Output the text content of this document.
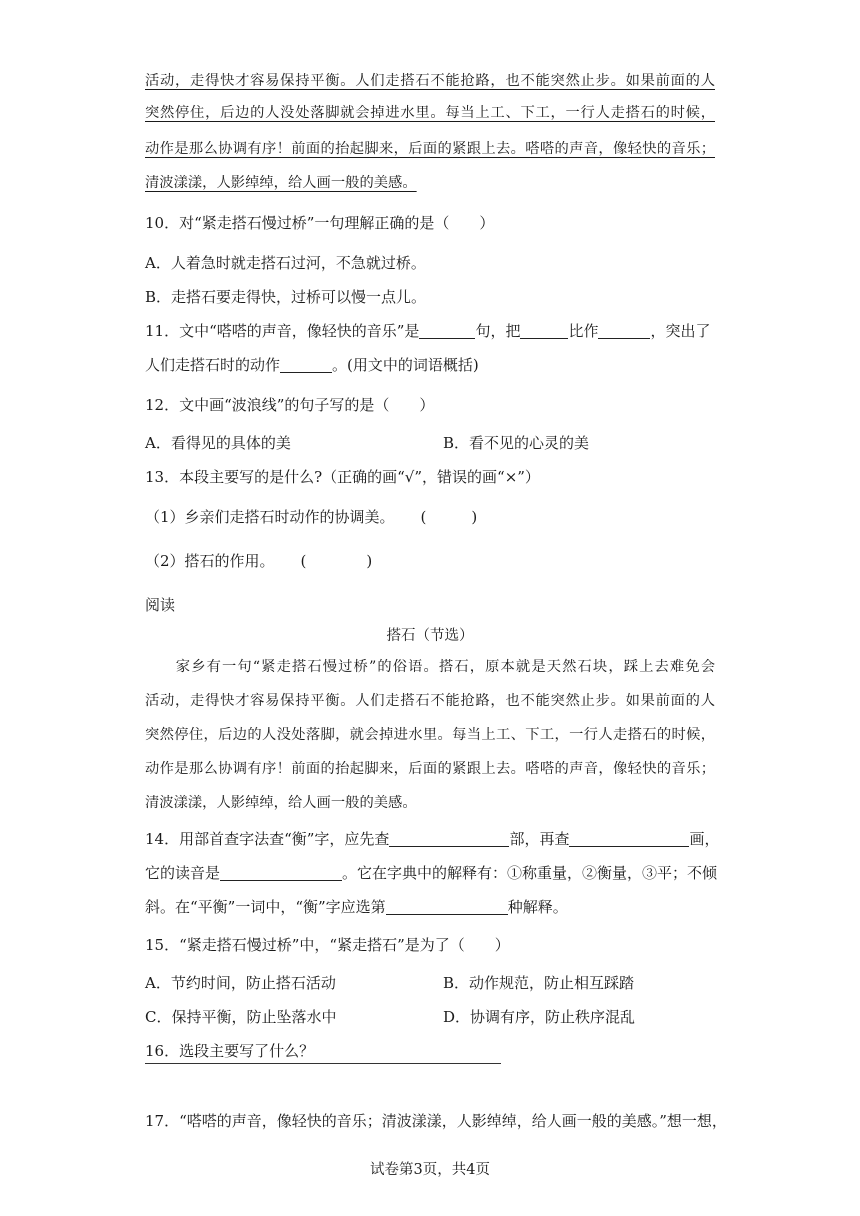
活动，走得快才容易保持平衡。人们走搭石不能抢路，也不能突然止步。如果前面的人
突然停住，后边的人没处落脚就会掉进水里。每当上工、下工，一行人走搭石的时候，
动作是那么协调有序！前面的抬起脚来，后面的紧跟上去。嗒嗒的声音，像轻快的音乐；
清波漾漾，人影绰绰，给人画一般的美感。
10．对“紧走搭石慢过桥”一句理解正确的是（　　）
A．人着急时就走搭石过河，不急就过桥。
B．走搭石要走得快，过桥可以慢一点儿。
11．文中“嗒嗒的声音，像轻快的音乐”是	句，把	比作	，突出了
人们走搭石时的动作	。(用文中的词语概括)
12．文中画“波浪线”的句子写的是（　　）
A．看得见的具体的美	B．看不见的心灵的美
13．本段主要写的是什么?（正确的画“√”，错误的画“×”）
（1）乡亲们走搭石时动作的协调美。 (　　　)
（2）搭石的作用。 (　　　　)
阅读
搭石（节选）
　　家乡有一句“紧走搭石慢过桥”的俗语。搭石，原本就是天然石块，踩上去难免会
活动，走得快才容易保持平衡。人们走搭石不能抢路，也不能突然止步。如果前面的人
突然停住，后边的人没处落脚，就会掉进水里。每当上工、下工，一行人走搭石的时候，
动作是那么协调有序！前面的抬起脚来，后面的紧跟上去。嗒嗒的声音，像轻快的音乐；
清波漾漾，人影绰绰，给人画一般的美感。
14．用部首查字法查“衡”字，应先查	部，再查	画，
它的读音是	。它在字典中的解释有：①称重量，②衡量，③平；不倾
斜。在“平衡”一词中，“衡”字应选第	种解释。
15．“紧走搭石慢过桥”中，“紧走搭石”是为了（　　）
A．节约时间，防止搭石活动	B．动作规范，防止相互踩踏
C．保持平衡，防止坠落水中	D．协调有序，防止秩序混乱
16．选段主要写了什么？
17．“嗒嗒的声音，像轻快的音乐；清波漾漾，人影绰绰，给人画一般的美感。”想一想，
试卷第3页，共4页
